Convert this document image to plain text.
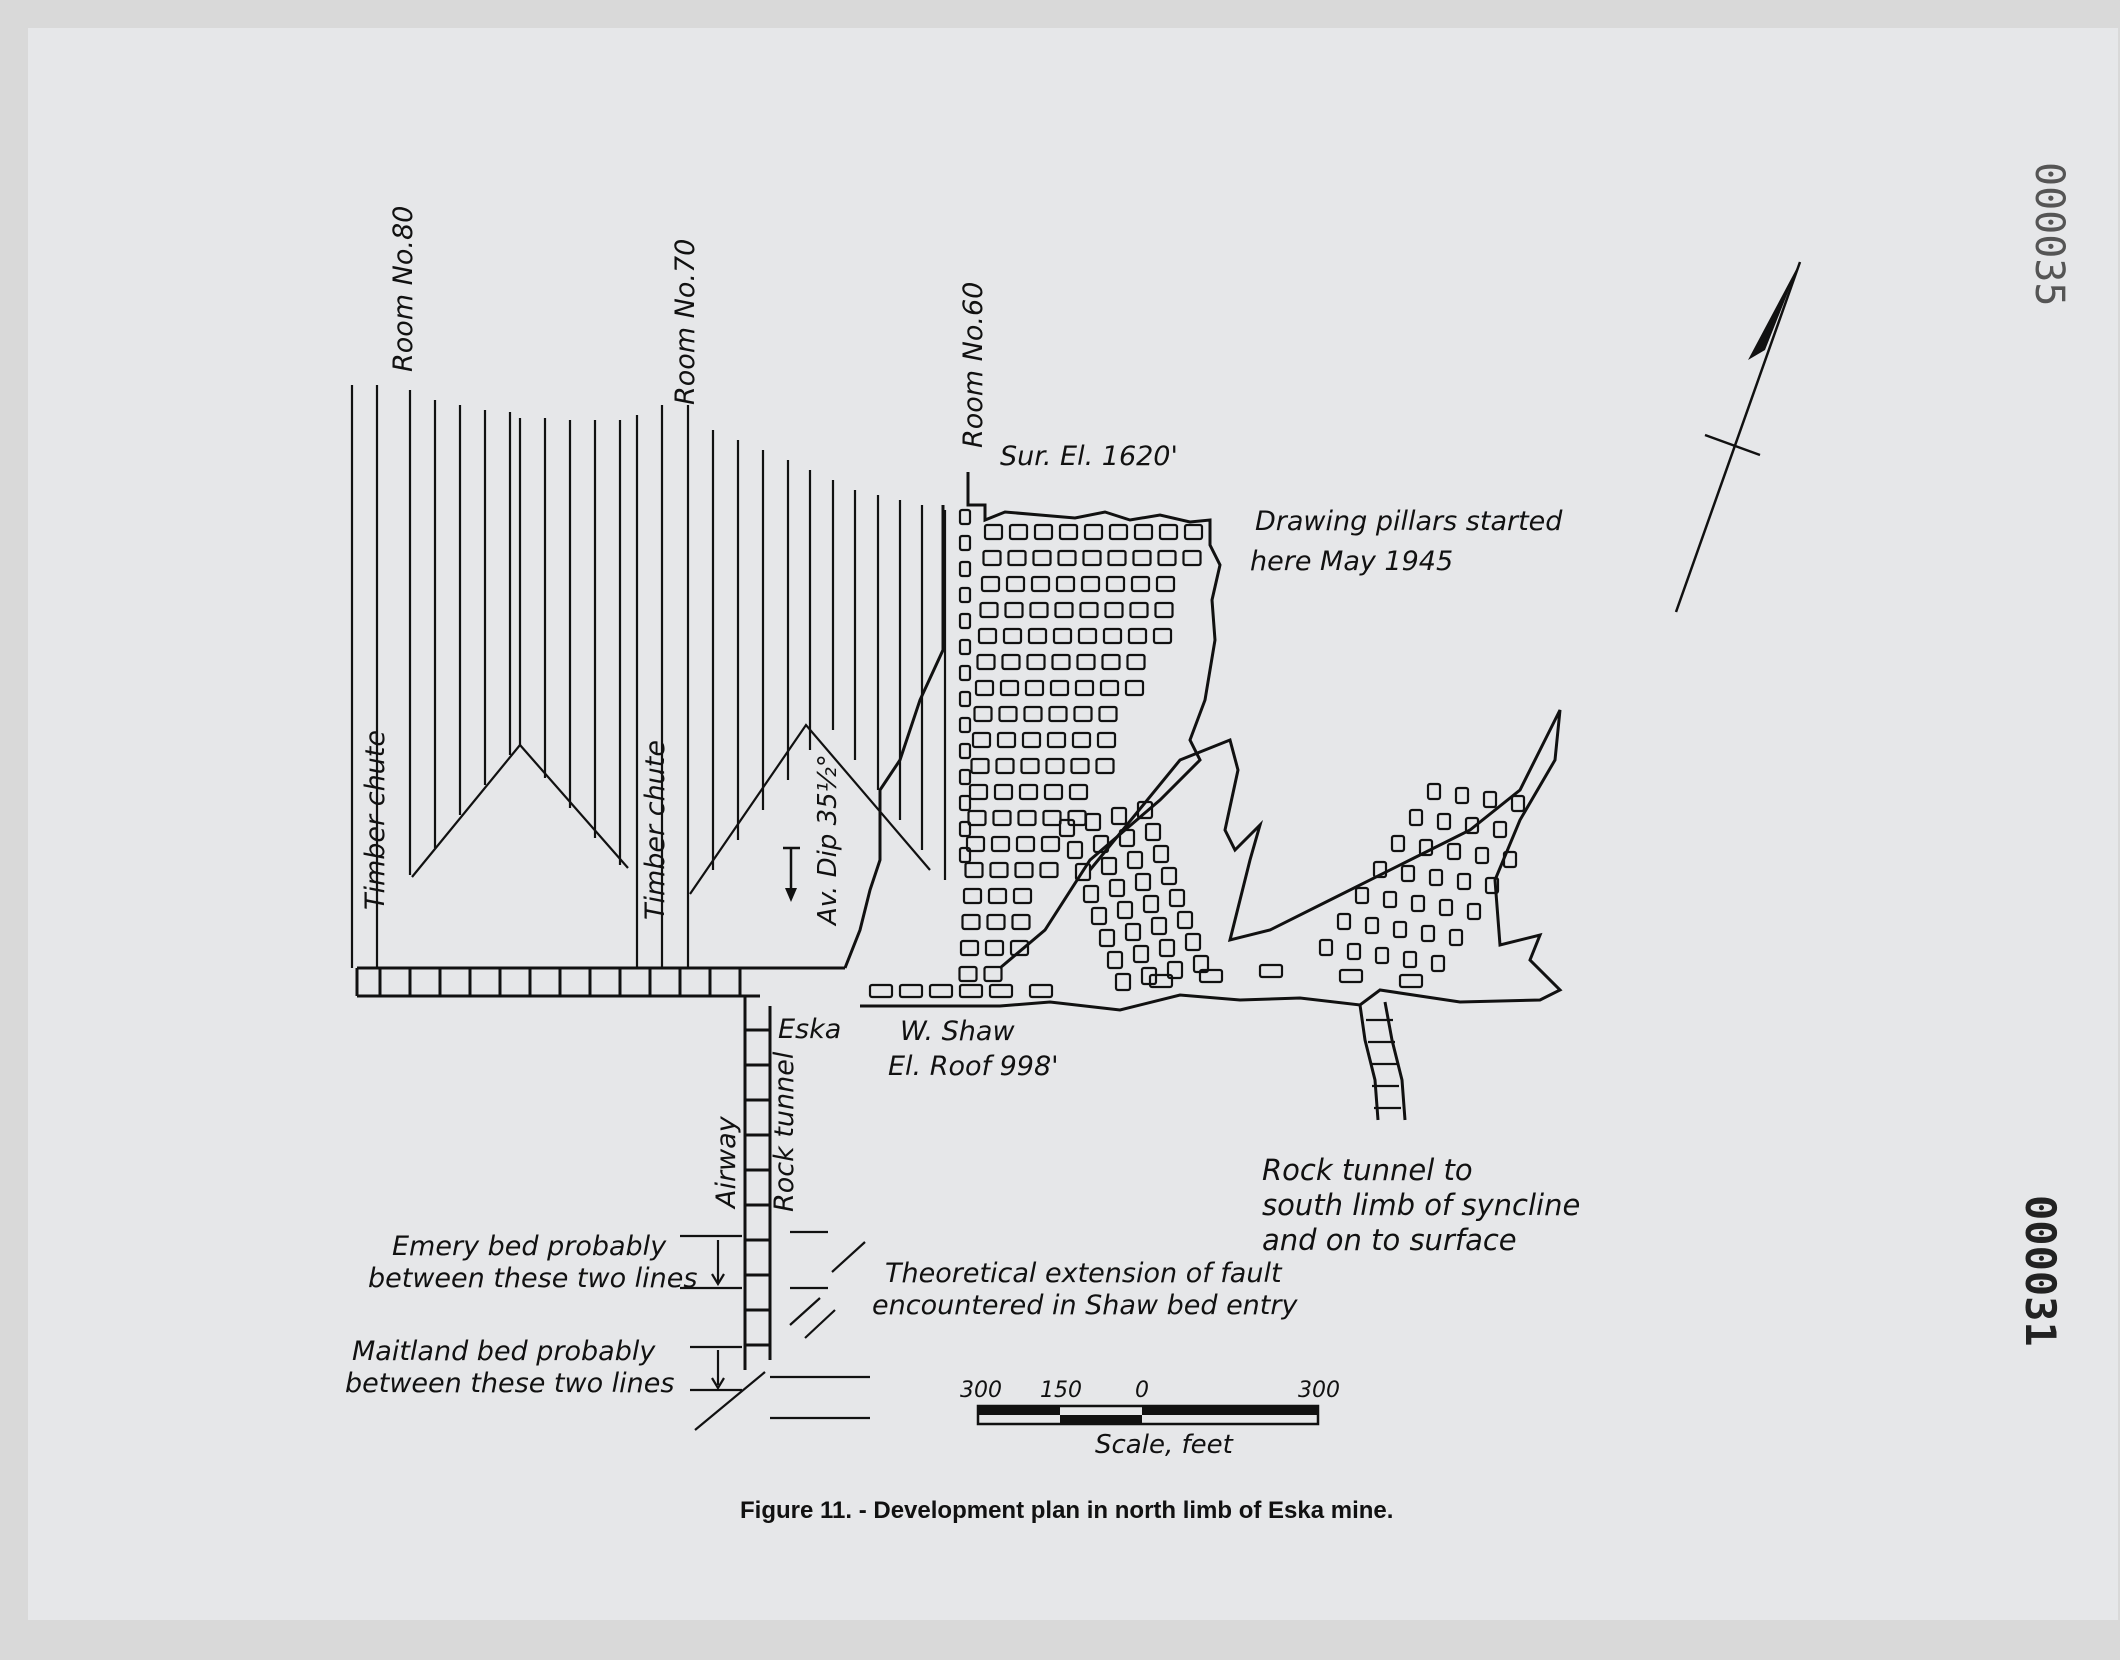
Room No.80	Room No.70	Room No.60
Sur. El. 1620'
Drawing pillars started
here May 1945
Timber chute	Timber chute	Av. Dip 35½°
Eska W. Shaw
El. Roof 998'
Airway Rock tunnel
Emery bed probably
between these two lines
Maitland bed probably
between these two lines
Theoretical extension of fault
encountered in Shaw bed entry
Rock tunnel to
south limb of syncline
and on to surface
300 150 0	300
Scale, feet
000035
000031
Figure 11. - Development plan in north limb of Eska mine.
